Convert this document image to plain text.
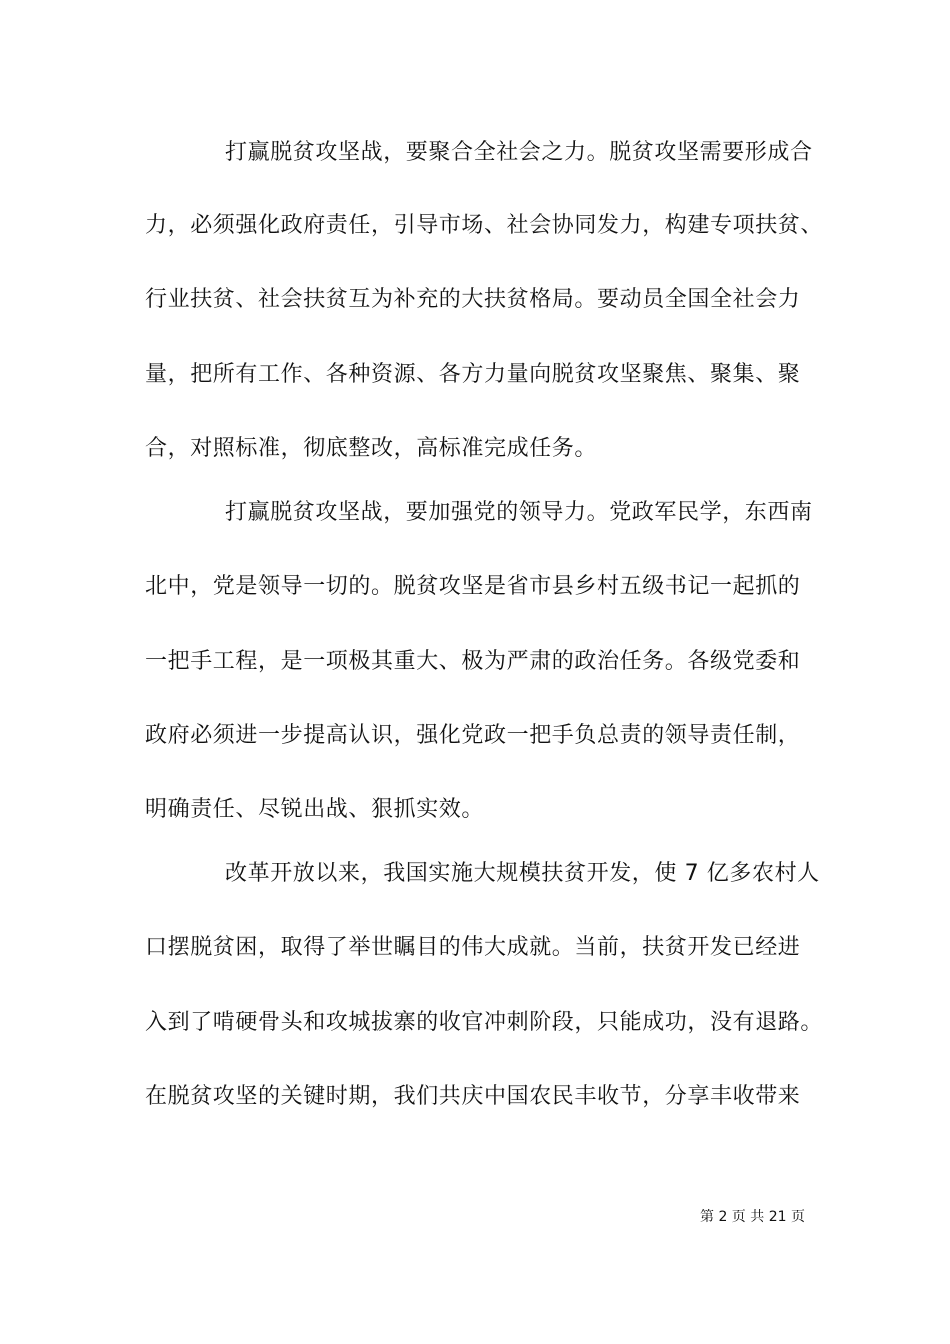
打赢脱贫攻坚战，要聚合全社会之力。脱贫攻坚需要形成合
力，必须强化政府责任，引导市场、社会协同发力，构建专项扶贫、
行业扶贫、社会扶贫互为补充的大扶贫格局。要动员全国全社会力
量，把所有工作、各种资源、各方力量向脱贫攻坚聚焦、聚集、聚
合，对照标准，彻底整改，高标准完成任务。
打赢脱贫攻坚战，要加强党的领导力。党政军民学，东西南
北中，党是领导一切的。脱贫攻坚是省市县乡村五级书记一起抓的
一把手工程，是一项极其重大、极为严肃的政治任务。各级党委和
政府必须进一步提高认识，强化党政一把手负总责的领导责任制，
明确责任、尽锐出战、狠抓实效。
改革开放以来，我国实施大规模扶贫开发，使 7 亿多农村人
口摆脱贫困，取得了举世瞩目的伟大成就。当前，扶贫开发已经进
入到了啃硬骨头和攻城拔寨的收官冲刺阶段，只能成功，没有退路。
在脱贫攻坚的关键时期，我们共庆中国农民丰收节，分享丰收带来
第 2 页 共 21 页
